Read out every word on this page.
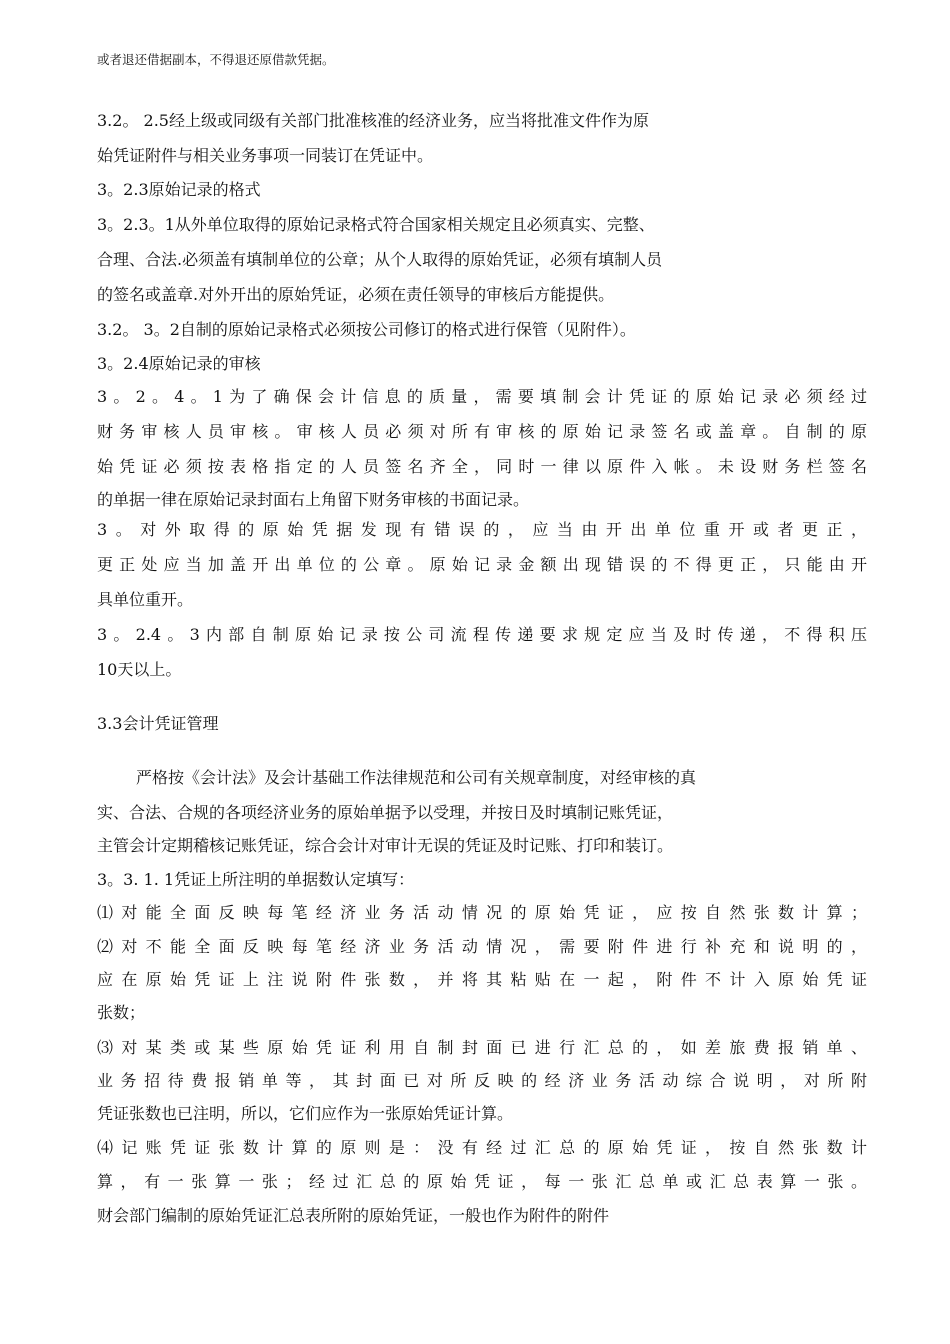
或者退还借据副本，不得退还原借款凭据。
3.2。 2.5经上级或同级有关部门批准核准的经济业务，应当将批准文件作为原
始凭证附件与相关业务事项一同装订在凭证中。
3。2.3原始记录的格式
3。2.3。1从外单位取得的原始记录格式符合国家相关规定且必须真实、完整、
合理、合法.必须盖有填制单位的公章；从个人取得的原始凭证，必须有填制人员
的签名或盖章.对外开出的原始凭证，必须在责任领导的审核后方能提供。
3.2。 3。2自制的原始记录格式必须按公司修订的格式进行保管（见附件）。
3。2.4原始记录的审核
3。2。4。1为了确保会计信息的质量，需要填制会计凭证的原始记录必须经过
财务审核人员审核。审核人员必须对所有审核的原始记录签名或盖章。自制的原
始凭证必须按表格指定的人员签名齐全，同时一律以原件入帐。未设财务栏签名
的单据一律在原始记录封面右上角留下财务审核的书面记录。
3。对外取得的原始凭据发现有错误的，应当由开出单位重开或者更正，
更正处应当加盖开出单位的公章。原始记录金额出现错误的不得更正，只能由开
具单位重开。
3。2.4。3内部自制原始记录按公司流程传递要求规定应当及时传递，不得积压
10天以上。
3.3会计凭证管理
严格按《会计法》及会计基础工作法律规范和公司有关规章制度，对经审核的真
实、合法、合规的各项经济业务的原始单据予以受理，并按日及时填制记账凭证，
主管会计定期稽核记账凭证，综合会计对审计无误的凭证及时记账、打印和装订。
3。3. 1. 1凭证上所注明的单据数认定填写：
⑴对能全面反映每笔经济业务活动情况的原始凭证，应按自然张数计算；
⑵对不能全面反映每笔经济业务活动情况，需要附件进行补充和说明的，
应在原始凭证上注说附件张数，并将其粘贴在一起，附件不计入原始凭证
张数；
⑶对某类或某些原始凭证利用自制封面已进行汇总的，如差旅费报销单、
业务招待费报销单等，其封面已对所反映的经济业务活动综合说明，对所附
凭证张数也已注明，所以，它们应作为一张原始凭证计算。
⑷记账凭证张数计算的原则是：没有经过汇总的原始凭证，按自然张数计
算，有一张算一张；经过汇总的原始凭证，每一张汇总单或汇总表算一张。
财会部门编制的原始凭证汇总表所附的原始凭证，一般也作为附件的附件
